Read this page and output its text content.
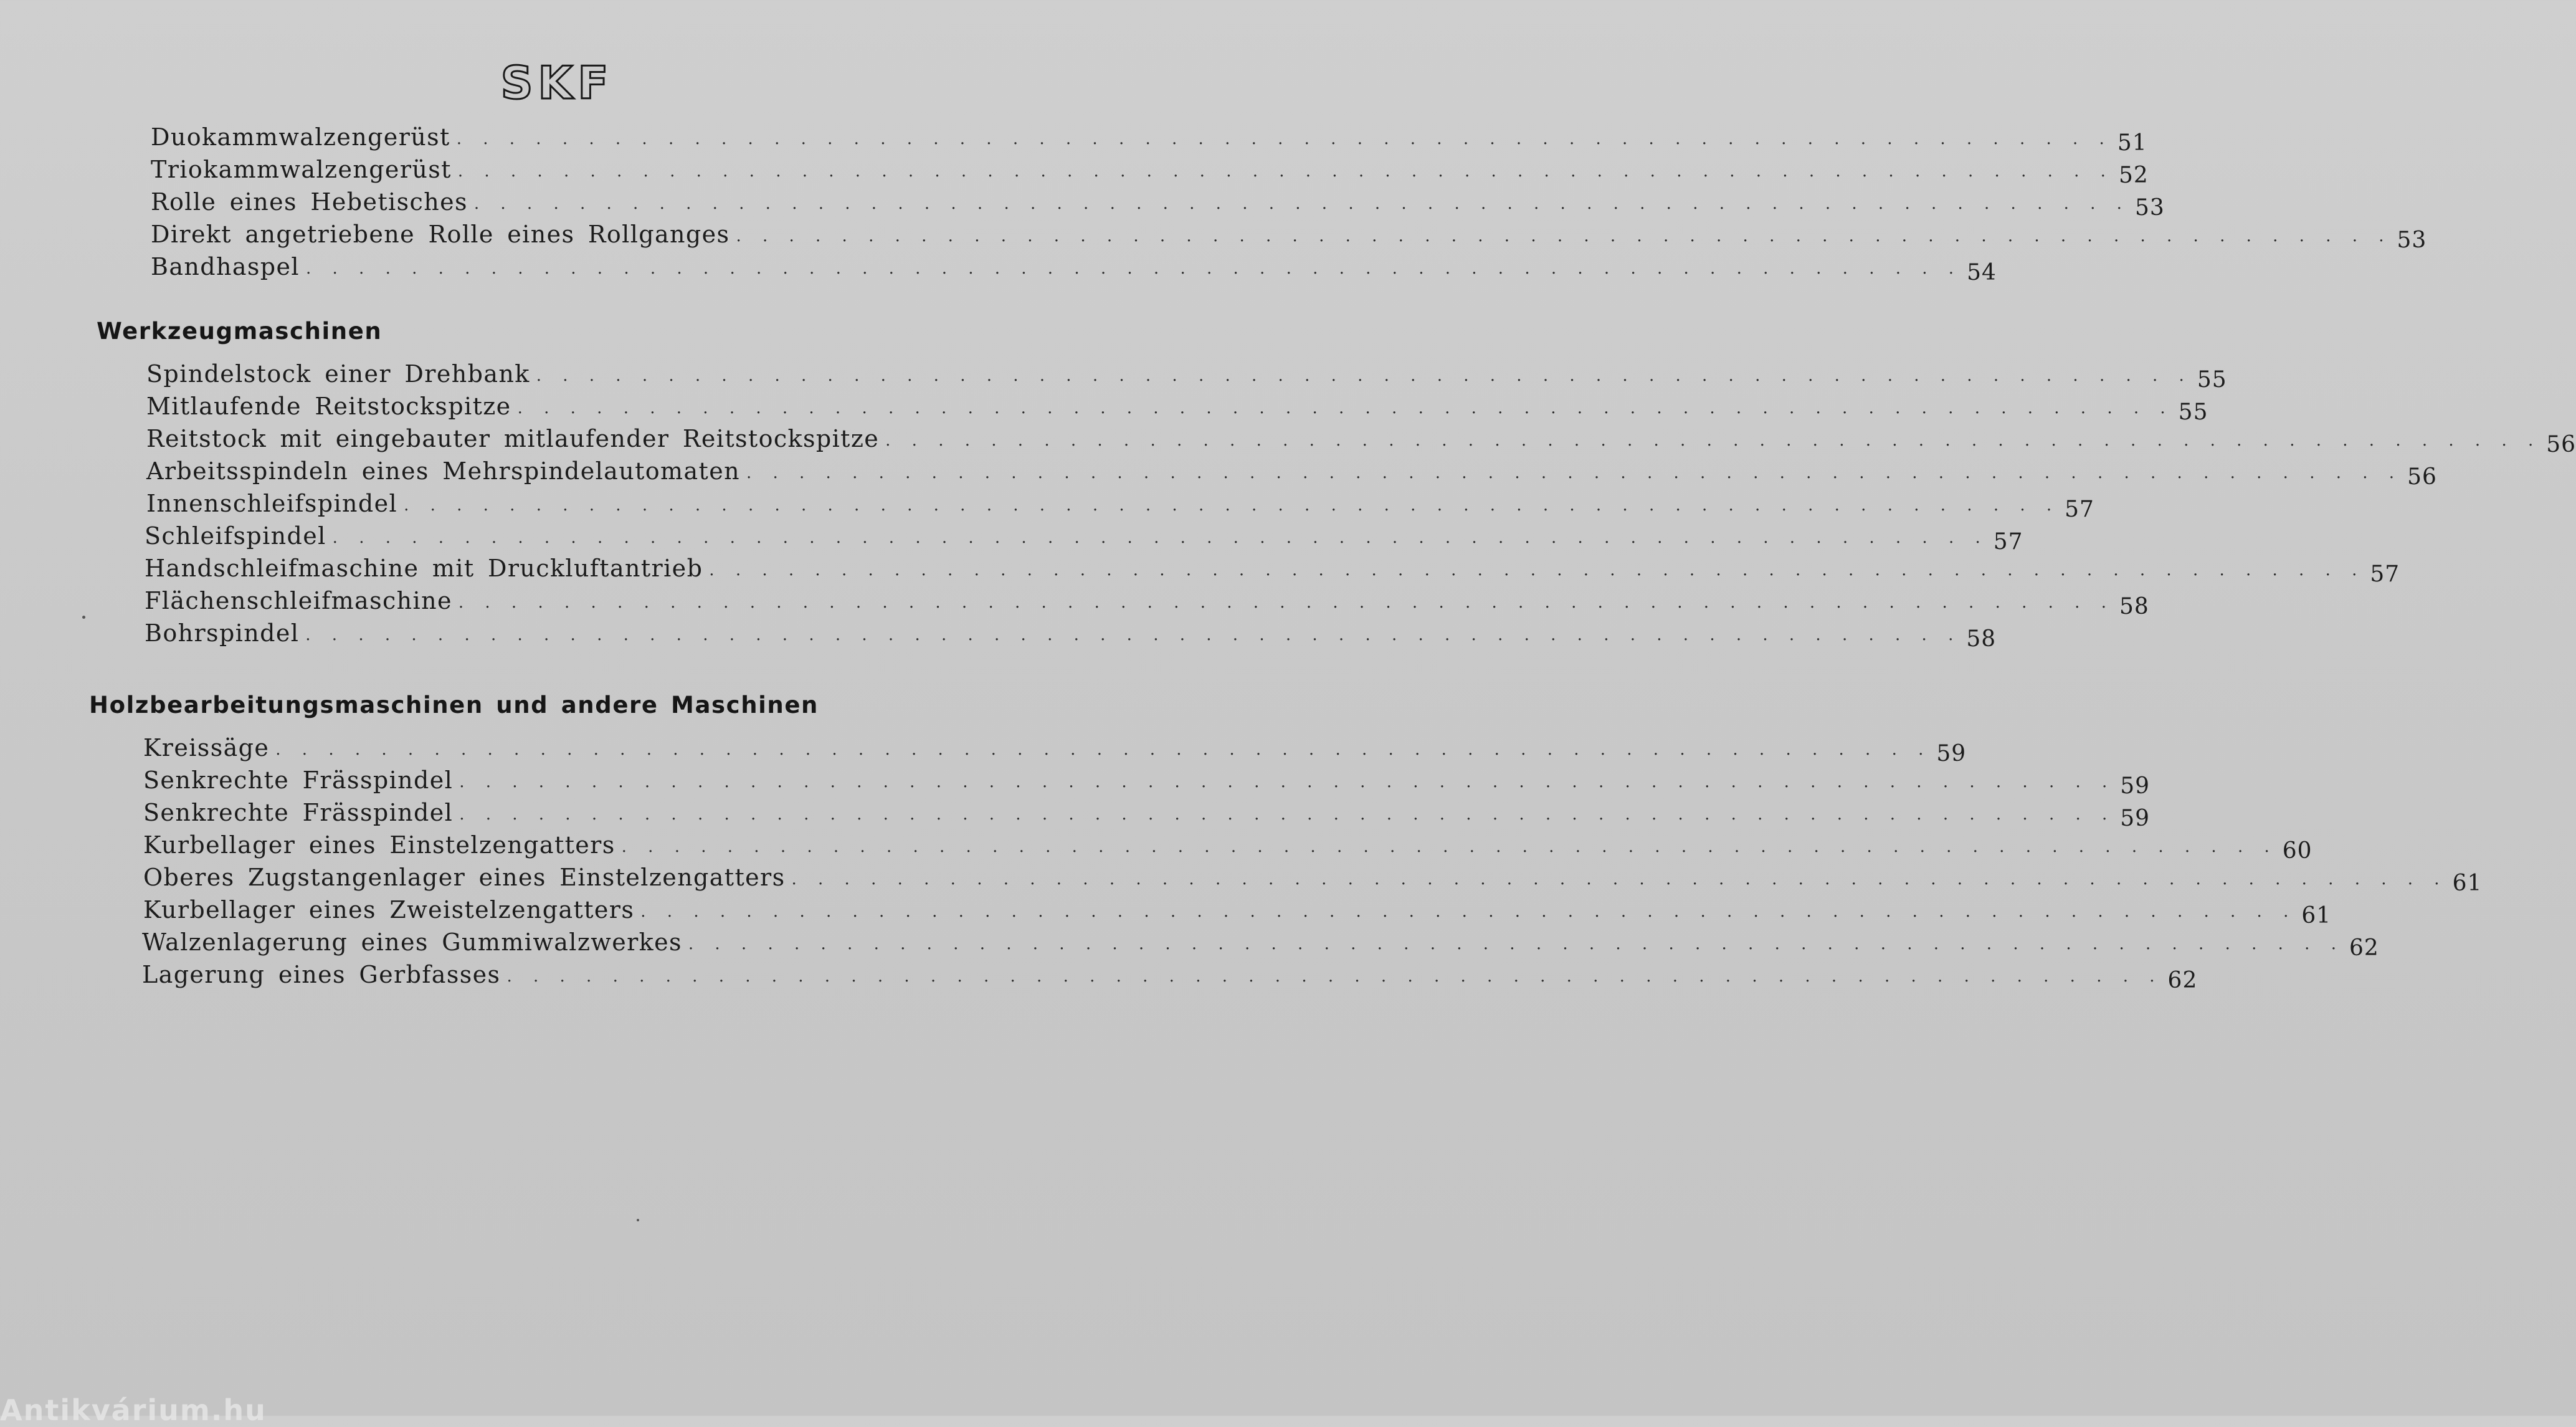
SKF
Duokammwalzengerüst . . . . . . . . . . . . . . . . . . . . . . . . . . . . . . . . . . . . . . . . . . . . . . . . . . . . . . . . . . . . . . . 51
Triokammwalzengerüst . . . . . . . . . . . . . . . . . . . . . . . . . . . . . . . . . . . . . . . . . . . . . . . . . . . . . . . . . . . . . . . 52
Rolle eines Hebetisches . . . . . . . . . . . . . . . . . . . . . . . . . . . . . . . . . . . . . . . . . . . . . . . . . . . . . . . . . . . . . . . 53
Direkt angetriebene Rolle eines Rollganges . . . . . . . . . . . . . . . . . . . . . . . . . . . . . . . . . . . . . . . . . . . . . . . . . . . . . . . . . . . . . . . 53
Bandhaspel . . . . . . . . . . . . . . . . . . . . . . . . . . . . . . . . . . . . . . . . . . . . . . . . . . . . . . . . . . . . . . . 54
Werkzeugmaschinen
Spindelstock einer Drehbank . . . . . . . . . . . . . . . . . . . . . . . . . . . . . . . . . . . . . . . . . . . . . . . . . . . . . . . . . . . . . . . 55
Mitlaufende Reitstockspitze . . . . . . . . . . . . . . . . . . . . . . . . . . . . . . . . . . . . . . . . . . . . . . . . . . . . . . . . . . . . . . . 55
Reitstock mit eingebauter mitlaufender Reitstockspitze . . . . . . . . . . . . . . . . . . . . . . . . . . . . . . . . . . . . . . . . . . . . . . . . . . . . . . . . . . . . . . . 56
Arbeitsspindeln eines Mehrspindelautomaten . . . . . . . . . . . . . . . . . . . . . . . . . . . . . . . . . . . . . . . . . . . . . . . . . . . . . . . . . . . . . . . 56
Innenschleifspindel . . . . . . . . . . . . . . . . . . . . . . . . . . . . . . . . . . . . . . . . . . . . . . . . . . . . . . . . . . . . . . . 57
Schleifspindel . . . . . . . . . . . . . . . . . . . . . . . . . . . . . . . . . . . . . . . . . . . . . . . . . . . . . . . . . . . . . . . 57
Handschleifmaschine mit Druckluftantrieb . . . . . . . . . . . . . . . . . . . . . . . . . . . . . . . . . . . . . . . . . . . . . . . . . . . . . . . . . . . . . . . 57
Flächenschleifmaschine . . . . . . . . . . . . . . . . . . . . . . . . . . . . . . . . . . . . . . . . . . . . . . . . . . . . . . . . . . . . . . . 58
Bohrspindel . . . . . . . . . . . . . . . . . . . . . . . . . . . . . . . . . . . . . . . . . . . . . . . . . . . . . . . . . . . . . . . 58
Holzbearbeitungsmaschinen und andere Maschinen
Kreissäge . . . . . . . . . . . . . . . . . . . . . . . . . . . . . . . . . . . . . . . . . . . . . . . . . . . . . . . . . . . . . . . 59
Senkrechte Frässpindel . . . . . . . . . . . . . . . . . . . . . . . . . . . . . . . . . . . . . . . . . . . . . . . . . . . . . . . . . . . . . . . 59
Senkrechte Frässpindel . . . . . . . . . . . . . . . . . . . . . . . . . . . . . . . . . . . . . . . . . . . . . . . . . . . . . . . . . . . . . . . 59
Kurbellager eines Einstelzengatters . . . . . . . . . . . . . . . . . . . . . . . . . . . . . . . . . . . . . . . . . . . . . . . . . . . . . . . . . . . . . . . 60
Oberes Zugstangenlager eines Einstelzengatters . . . . . . . . . . . . . . . . . . . . . . . . . . . . . . . . . . . . . . . . . . . . . . . . . . . . . . . . . . . . . . . 61
Kurbellager eines Zweistelzengatters . . . . . . . . . . . . . . . . . . . . . . . . . . . . . . . . . . . . . . . . . . . . . . . . . . . . . . . . . . . . . . . 61
Walzenlagerung eines Gummiwalzwerkes . . . . . . . . . . . . . . . . . . . . . . . . . . . . . . . . . . . . . . . . . . . . . . . . . . . . . . . . . . . . . . . 62
Lagerung eines Gerbfasses . . . . . . . . . . . . . . . . . . . . . . . . . . . . . . . . . . . . . . . . . . . . . . . . . . . . . . . . . . . . . . . 62
Antikvárium.hu
